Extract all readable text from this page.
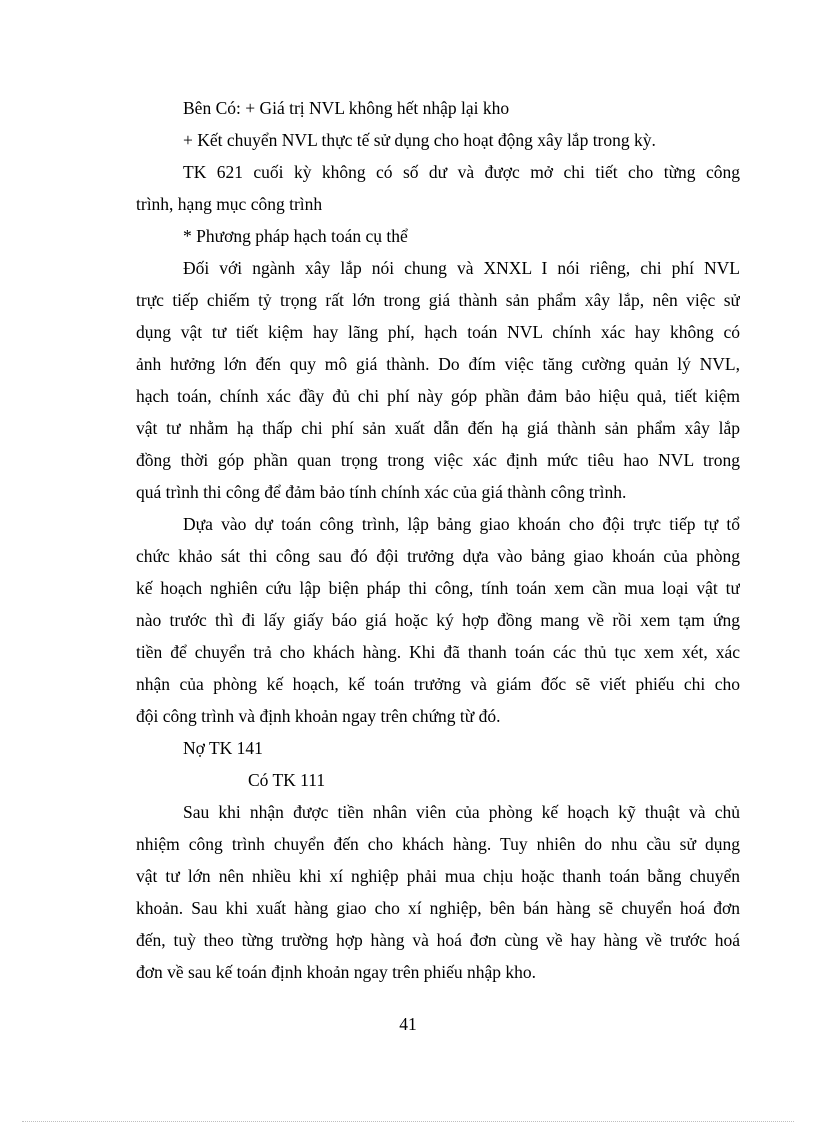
Bên Có: + Giá trị NVL không hết nhập lại kho
+ Kết chuyển NVL thực tế sử dụng cho hoạt động xây lắp trong kỳ.
TK 621 cuối kỳ không có số dư và được mở chi tiết cho từng công
trình, hạng mục công trình
* Phương pháp hạch toán cụ thể
Đối với ngành xây lắp nói chung và XNXL I nói riêng, chi phí NVL
trực tiếp chiếm tỷ trọng rất lớn trong giá thành sản phẩm xây lắp, nên việc sử
dụng vật tư tiết kiệm hay lãng phí, hạch toán NVL chính xác hay không có
ảnh hưởng lớn đến quy mô giá thành. Do đím việc tăng cường quản lý NVL,
hạch toán, chính xác đầy đủ chi phí này góp phần đảm bảo hiệu quả, tiết kiệm
vật tư nhằm hạ thấp chi phí sản xuất dẫn đến hạ giá thành sản phẩm xây lắp
đồng thời góp phần quan trọng trong việc xác định mức tiêu hao NVL trong
quá trình thi công để đảm bảo tính chính xác của giá thành công trình.
Dựa vào dự toán công trình, lập bảng giao khoán cho đội trực tiếp tự tổ
chức khảo sát thi công sau đó đội trưởng dựa vào bảng giao khoán của phòng
kế hoạch nghiên cứu lập biện pháp thi công, tính toán xem cần mua loại vật tư
nào trước thì đi lấy giấy báo giá hoặc ký hợp đồng mang về rồi xem tạm ứng
tiền để chuyển trả cho khách hàng. Khi đã thanh toán các thủ tục xem xét, xác
nhận của phòng kế hoạch, kế toán trưởng và giám đốc sẽ viết phiếu chi cho
đội công trình và định khoản ngay trên chứng từ đó.
Nợ TK 141
Có TK 111
Sau khi nhận được tiền nhân viên của phòng kế hoạch kỹ thuật và chủ
nhiệm công trình chuyển đến cho khách hàng. Tuy nhiên do nhu cầu sử dụng
vật tư lớn nên nhiều khi xí nghiệp phải mua chịu hoặc thanh toán bằng chuyển
khoản. Sau khi xuất hàng giao cho xí nghiệp, bên bán hàng sẽ chuyển hoá đơn
đến, tuỳ theo từng trường hợp hàng và hoá đơn cùng về hay hàng về trước hoá
đơn về sau kế toán định khoản ngay trên phiếu nhập kho.
41
